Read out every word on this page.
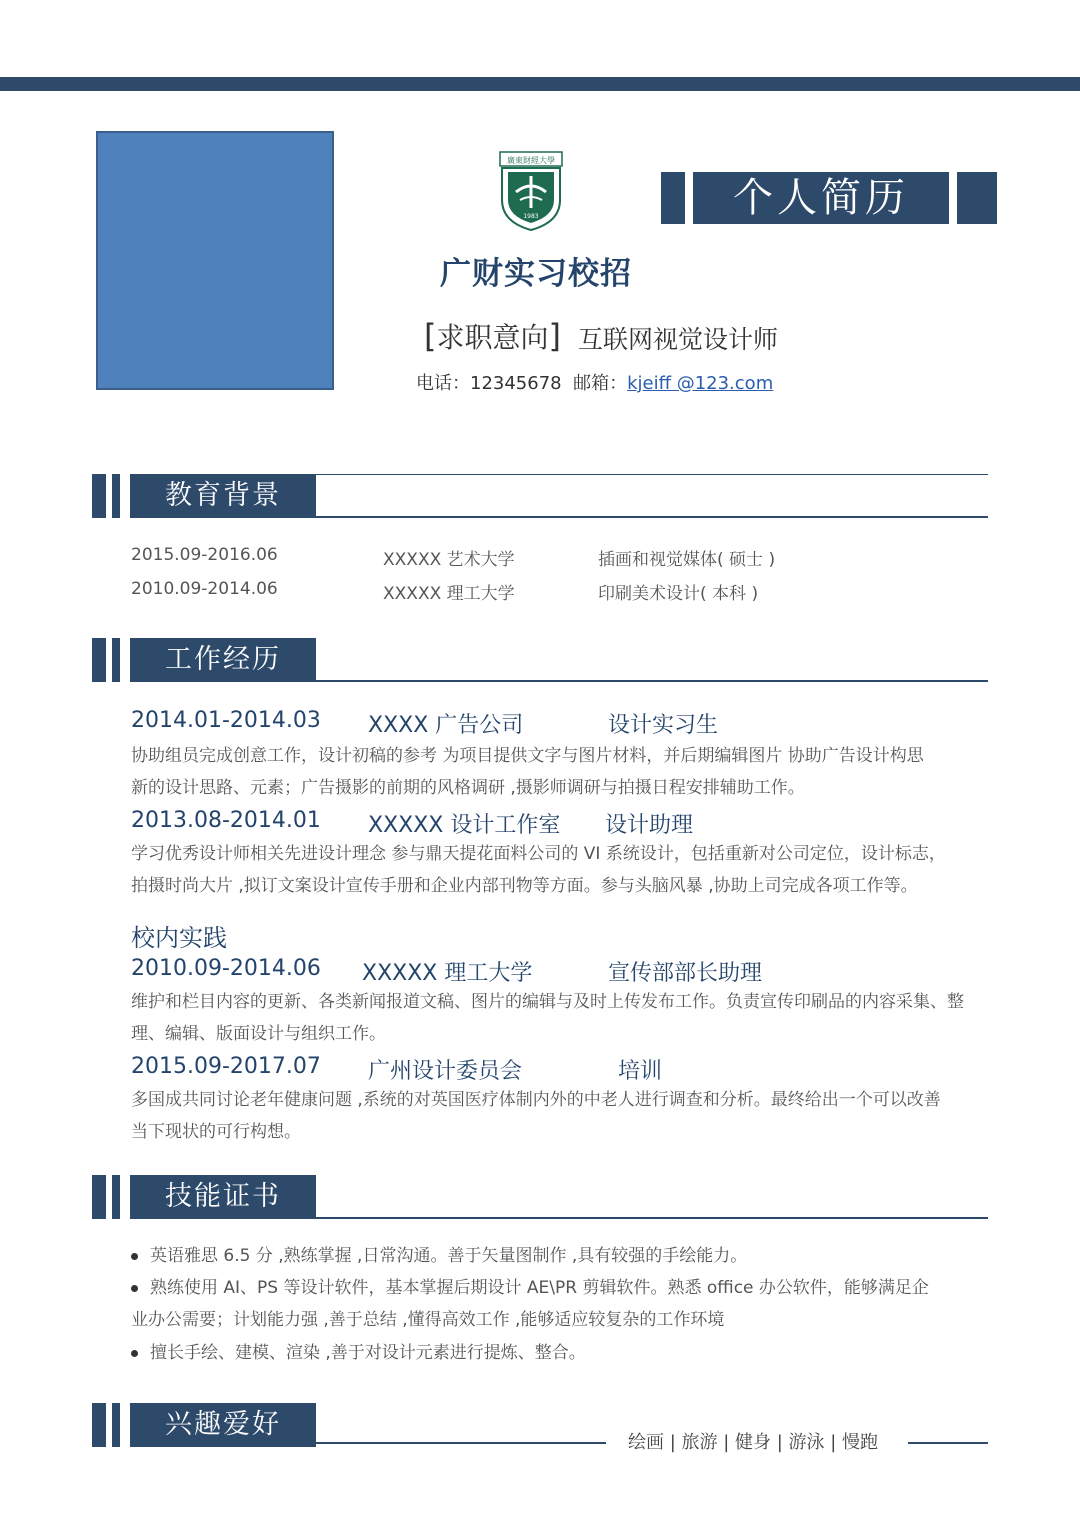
廣東財經大學
1983	个人简历
广财实习校招
[求职意向] 互联网视觉设计师
电话：12345678 邮箱：kjeiff @123.com
教育背景
2015.09-2016.06	XXXXX 艺术大学	插画和视觉媒体( 硕士 )
2010.09-2014.06	XXXXX 理工大学	印刷美术设计( 本科 )
工作经历
2014.01-2014.03 XXXX 广告公司	设计实习生
协助组员完成创意工作，设计初稿的参考 为项目提供文字与图片材料，并后期编辑图片 协助广告设计构思
新的设计思路、元素；广告摄影的前期的风格调研 ,摄影师调研与拍摄日程安排辅助工作。
2013.08-2014.01 XXXXX 设计工作室 设计助理
学习优秀设计师相关先进设计理念 参与鼎天提花面料公司的 VI 系统设计，包括重新对公司定位，设计标志，
拍摄时尚大片 ,拟订文案设计宣传手册和企业内部刊物等方面。参与头脑风暴 ,协助上司完成各项工作等。
校内实践
2010.09-2014.06 XXXXX 理工大学	宣传部部长助理
维护和栏目内容的更新、各类新闻报道文稿、图片的编辑与及时上传发布工作。负责宣传印刷品的内容采集、整
理、编辑、版面设计与组织工作。
2015.09-2017.07 广州设计委员会	培训
多国成共同讨论老年健康问题 ,系统的对英国医疗体制内外的中老人进行调查和分析。最终给出一个可以改善
当下现状的可行构想。
技能证书
英语雅思 6.5 分 ,熟练掌握 ,日常沟通。善于矢量图制作 ,具有较强的手绘能力。
熟练使用 AI、PS 等设计软件，基本掌握后期设计 AE\PR 剪辑软件。熟悉 office 办公软件，能够满足企
业办公需要；计划能力强 ,善于总结 ,懂得高效工作 ,能够适应较复杂的工作环境
擅长手绘、建模、渲染 ,善于对设计元素进行提炼、整合。
兴趣爱好
绘画 | 旅游 | 健身 | 游泳 | 慢跑
